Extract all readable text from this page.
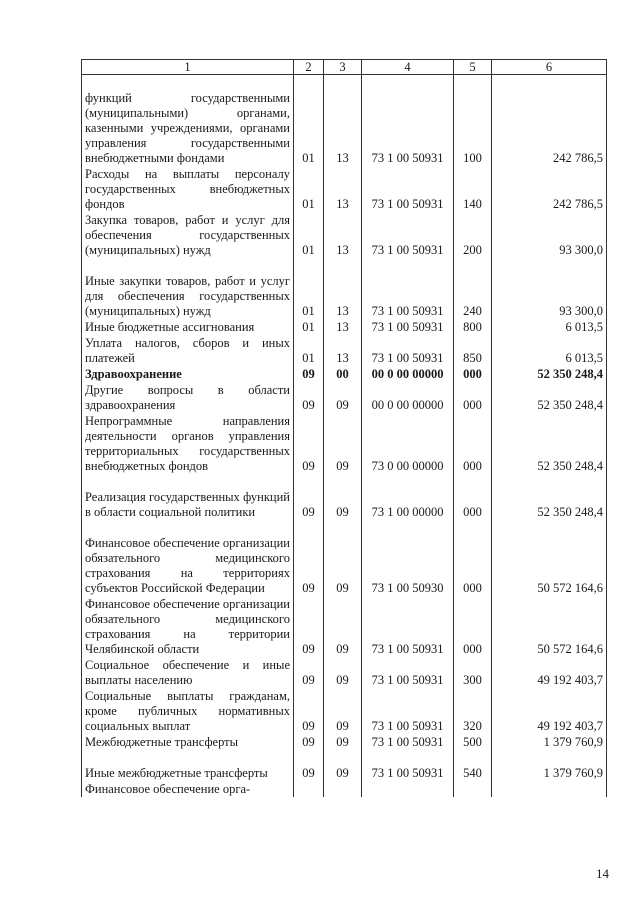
1	2	3	4	5	6
функций государственными (муниципальными) органами, казенными учреждениями, органами управления государственными внебюджетными фондами	01	13	73 1 00 50931	100	242 786,5
Расходы на выплаты персоналу государственных внебюджетных фондов	01	13	73 1 00 50931	140	242 786,5
Закупка товаров, работ и услуг для обеспечения государственных (муниципальных) нужд	01	13	73 1 00 50931	200	93 300,0
Иные закупки товаров, работ и услуг для обеспечения государственных (муниципальных) нужд	01	13	73 1 00 50931	240	93 300,0
Иные бюджетные ассигнования	01	13	73 1 00 50931	800	6 013,5
Уплата налогов, сборов и иных платежей	01	13	73 1 00 50931	850	6 013,5
Здравоохранение	09	00	00 0 00 00000	000	52 350 248,4
Другие вопросы в области здравоохранения	09	09	00 0 00 00000	000	52 350 248,4
Непрограммные направления деятельности органов управления территориальных государственных внебюджетных фондов	09	09	73 0 00 00000	000	52 350 248,4
Реализация государственных функций в области социальной политики	09	09	73 1 00 00000	000	52 350 248,4
Финансовое обеспечение организации обязательного медицинского страхования на территориях субъектов Российской Федерации	09	09	73 1 00 50930	000	50 572 164,6
Финансовое обеспечение организации обязательного медицинского страхования на территории Челябинской области	09	09	73 1 00 50931	000	50 572 164,6
Социальное обеспечение и иные выплаты населению	09	09	73 1 00 50931	300	49 192 403,7
Социальные выплаты гражданам, кроме публичных нормативных социальных выплат	09	09	73 1 00 50931	320	49 192 403,7
Межбюджетные трансферты	09	09	73 1 00 50931	500	1 379 760,9
Иные межбюджетные трансферты	09	09	73 1 00 50931	540	1 379 760,9
Финансовое обеспечение орга-					
14
